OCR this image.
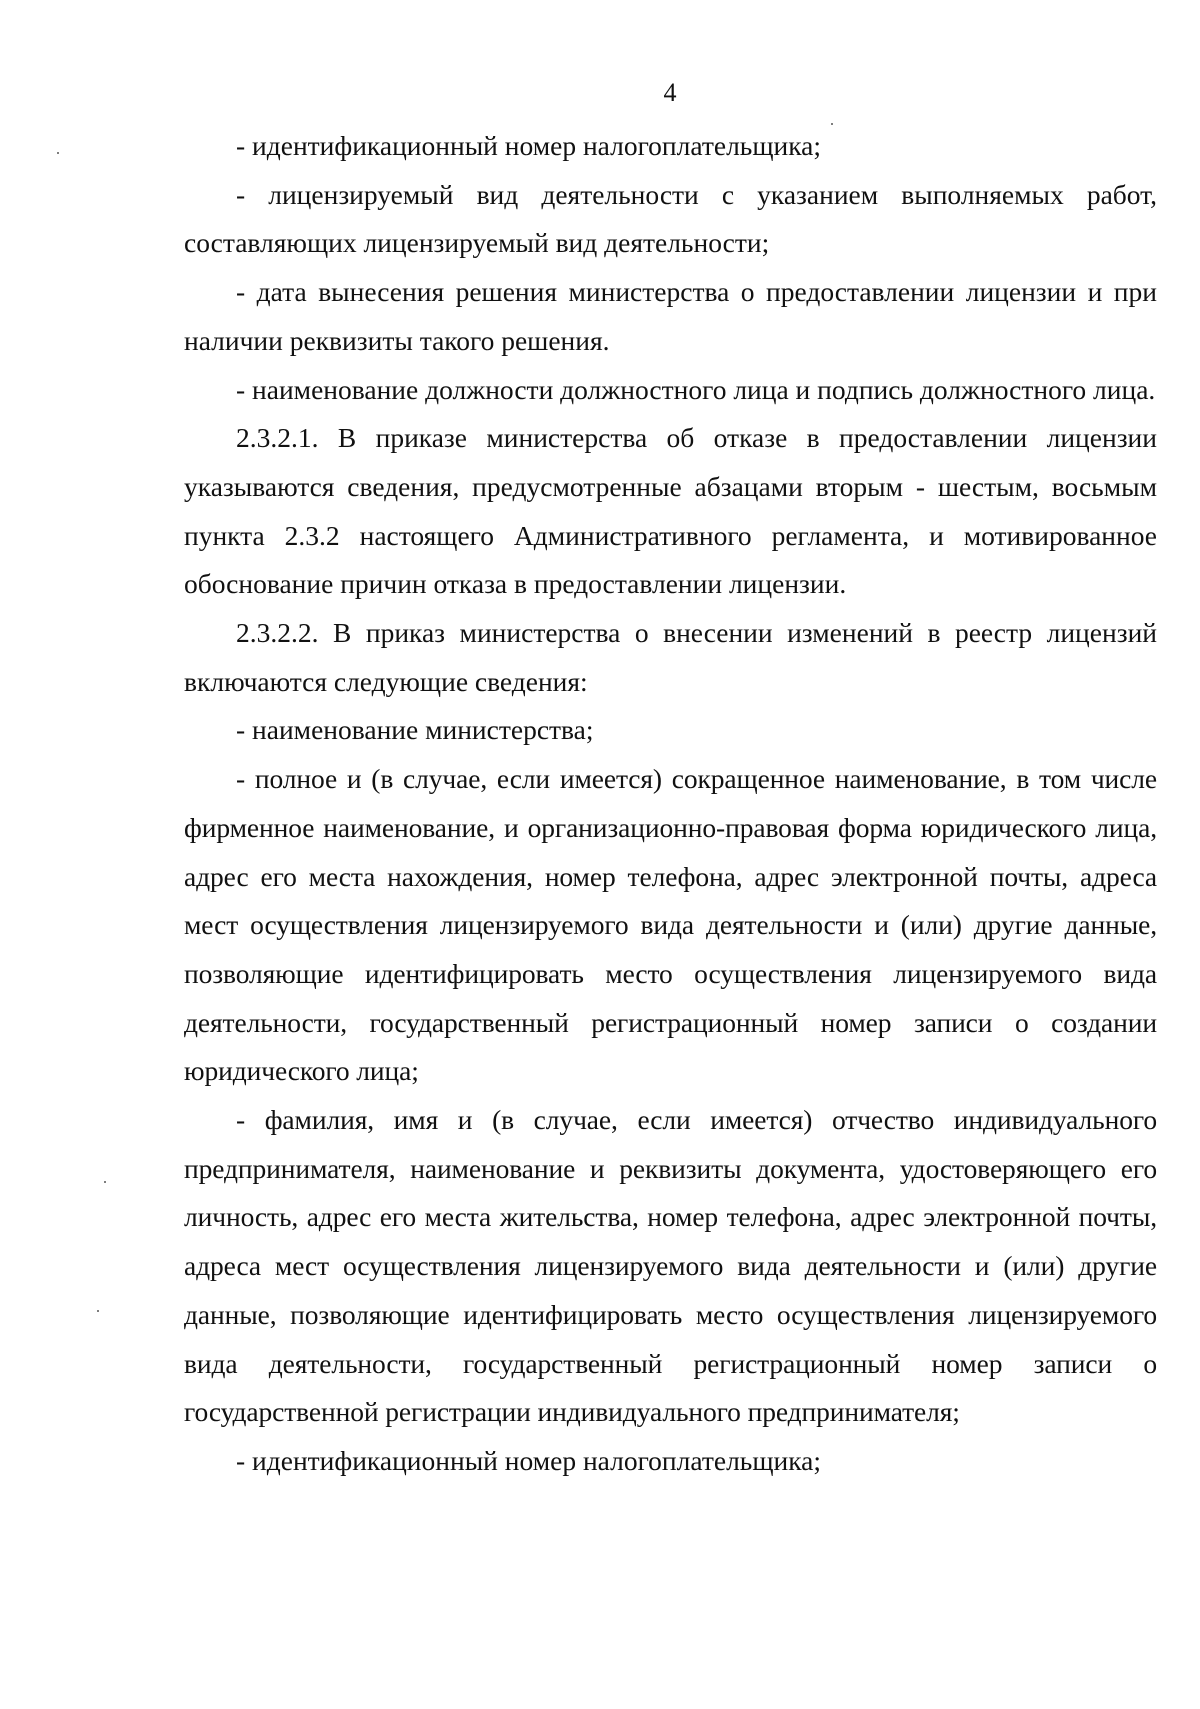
4

- идентификационный номер налогоплательщика;

- лицензируемый вид деятельности с указанием выполняемых работ, составляющих лицензируемый вид деятельности;

- дата вынесения решения министерства о предоставлении лицензии и при наличии реквизиты такого решения.

- наименование должности должностного лица и подпись должностного лица.

2.3.2.1. В приказе министерства об отказе в предоставлении лицензии указываются сведения, предусмотренные абзацами вторым - шестым, восьмым пункта 2.3.2 настоящего Административного регламента, и мотивированное обоснование причин отказа в предоставлении лицензии.

2.3.2.2. В приказ министерства о внесении изменений в реестр лицензий включаются следующие сведения:

- наименование министерства;

- полное и (в случае, если имеется) сокращенное наименование, в том числе фирменное наименование, и организационно-правовая форма юридического лица, адрес его места нахождения, номер телефона, адрес электронной почты, адреса мест осуществления лицензируемого вида деятельности и (или) другие данные, позволяющие идентифицировать место осуществления лицензируемого вида деятельности, государственный регистрационный номер записи о создании юридического лица;

- фамилия, имя и (в случае, если имеется) отчество индивидуального предпринимателя, наименование и реквизиты документа, удостоверяющего его личность, адрес его места жительства, номер телефона, адрес электронной почты, адреса мест осуществления лицензируемого вида деятельности и (или) другие данные, позволяющие идентифицировать место осуществления лицензируемого вида деятельности, государственный регистрационный номер записи о государственной регистрации индивидуального предпринимателя;

- идентификационный номер налогоплательщика;
